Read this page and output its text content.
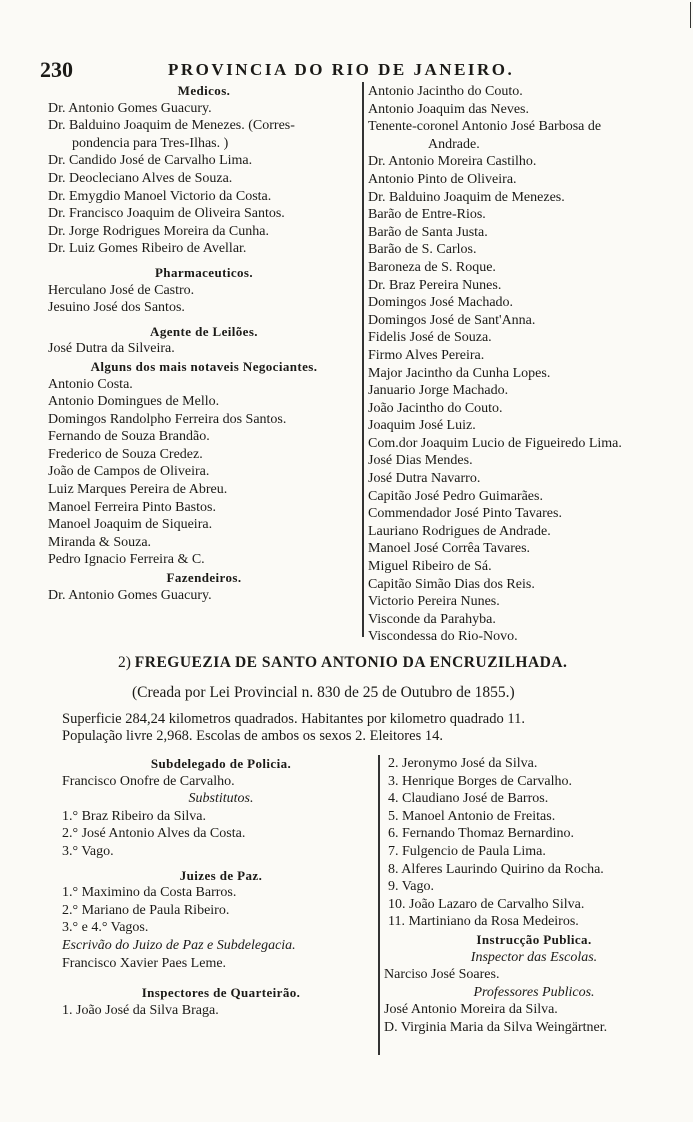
230	PROVINCIA DO RIO DE JANEIRO.
Medicos.
Dr. Antonio Gomes Guacury.
Dr. Balduino Joaquim de Menezes. (Corres-
pondencia para Tres-Ilhas. )
Dr. Candido José de Carvalho Lima.
Dr. Deocleciano Alves de Souza.
Dr. Emygdio Manoel Victorio da Costa.
Dr. Francisco Joaquim de Oliveira Santos.
Dr. Jorge Rodrigues Moreira da Cunha.
Dr. Luiz Gomes Ribeiro de Avellar.
Pharmaceuticos.
Herculano José de Castro.
Jesuino José dos Santos.
Agente de Leilões.
José Dutra da Silveira.
Alguns dos mais notaveis Negociantes.
Antonio Costa.
Antonio Domingues de Mello.
Domingos Randolpho Ferreira dos Santos.
Fernando de Souza Brandão.
Frederico de Souza Credez.
João de Campos de Oliveira.
Luiz Marques Pereira de Abreu.
Manoel Ferreira Pinto Bastos.
Manoel Joaquim de Siqueira.
Miranda & Souza.
Pedro Ignacio Ferreira & C.
Fazendeiros.
Dr. Antonio Gomes Guacury.
Antonio Jacintho do Couto.
Antonio Joaquim das Neves.
Tenente-coronel Antonio José Barbosa de
Andrade.
Dr. Antonio Moreira Castilho.
Antonio Pinto de Oliveira.
Dr. Balduino Joaquim de Menezes.
Barão de Entre-Rios.
Barão de Santa Justa.
Barão de S. Carlos.
Baroneza de S. Roque.
Dr. Braz Pereira Nunes.
Domingos José Machado.
Domingos José de Sant'Anna.
Fidelis José de Souza.
Firmo Alves Pereira.
Major Jacintho da Cunha Lopes.
Januario Jorge Machado.
João Jacintho do Couto.
Joaquim José Luiz.
Com.dor Joaquim Lucio de Figueiredo Lima.
José Dias Mendes.
José Dutra Navarro.
Capitão José Pedro Guimarães.
Commendador José Pinto Tavares.
Lauriano Rodrigues de Andrade.
Manoel José Corrêa Tavares.
Miguel Ribeiro de Sá.
Capitão Simão Dias dos Reis.
Victorio Pereira Nunes.
Visconde da Parahyba.
Viscondessa do Rio-Novo.
2) FREGUEZIA DE SANTO ANTONIO DA ENCRUZILHADA.
(Creada por Lei Provincial n. 830 de 25 de Outubro de 1855.)
Superficie 284,24 kilometros quadrados. Habitantes por kilometro quadrado 11.
População livre 2,968. Escolas de ambos os sexos 2. Eleitores 14.
Subdelegado de Policia.
Francisco Onofre de Carvalho.
Substitutos.
1.° Braz Ribeiro da Silva.
2.° José Antonio Alves da Costa.
3.° Vago.
Juizes de Paz.
1.° Maximino da Costa Barros.
2.° Mariano de Paula Ribeiro.
3.° e 4.° Vagos.
Escrivão do Juizo de Paz e Subdelegacia.
Francisco Xavier Paes Leme.
Inspectores de Quarteirão.
1. João José da Silva Braga.
2. Jeronymo José da Silva.
3. Henrique Borges de Carvalho.
4. Claudiano José de Barros.
5. Manoel Antonio de Freitas.
6. Fernando Thomaz Bernardino.
7. Fulgencio de Paula Lima.
8. Alferes Laurindo Quirino da Rocha.
9. Vago.
10. João Lazaro de Carvalho Silva.
11. Martiniano da Rosa Medeiros.
Instrucção Publica.
Inspector das Escolas.
Narciso José Soares.
Professores Publicos.
José Antonio Moreira da Silva.
D. Virginia Maria da Silva Weingärtner.
